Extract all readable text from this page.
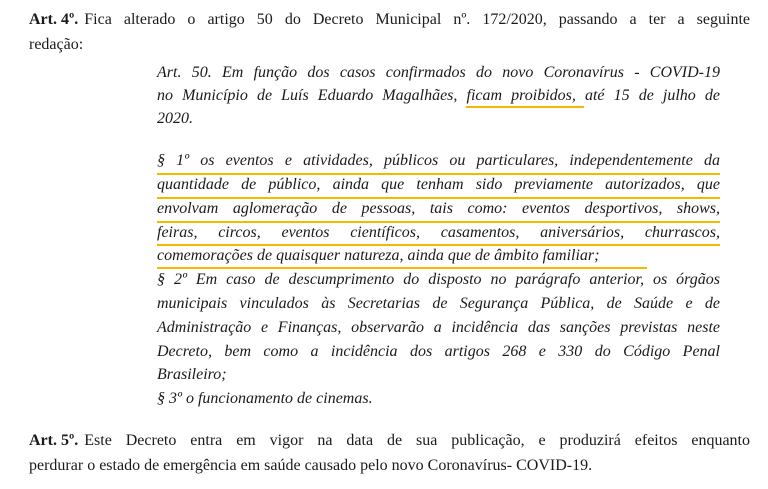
Art. 4º. Fica alterado o artigo 50 do Decreto Municipal nº. 172/2020, passando a ter a seguinte
redação:
Art. 50. Em função dos casos confirmados do novo Coronavírus - COVID-19
no Município de Luís Eduardo Magalhães, ficam proibidos, até 15 de julho de
2020.
§ 1º os eventos e atividades, públicos ou particulares, independentemente da
quantidade de público, ainda que tenham sido previamente autorizados, que
envolvam aglomeração de pessoas, tais como: eventos desportivos, shows,
feiras, circos, eventos científicos, casamentos, aniversários, churrascos,
comemorações de quaisquer natureza, ainda que de âmbito familiar;
§ 2º Em caso de descumprimento do disposto no parágrafo anterior, os órgãos
municipais vinculados às Secretarias de Segurança Pública, de Saúde e de
Administração e Finanças, observarão a incidência das sanções previstas neste
Decreto, bem como a incidência dos artigos 268 e 330 do Código Penal
Brasileiro;
§ 3º o funcionamento de cinemas.
Art. 5º. Este Decreto entra em vigor na data de sua publicação, e produzirá efeitos enquanto
perdurar o estado de emergência em saúde causado pelo novo Coronavírus- COVID-19.
